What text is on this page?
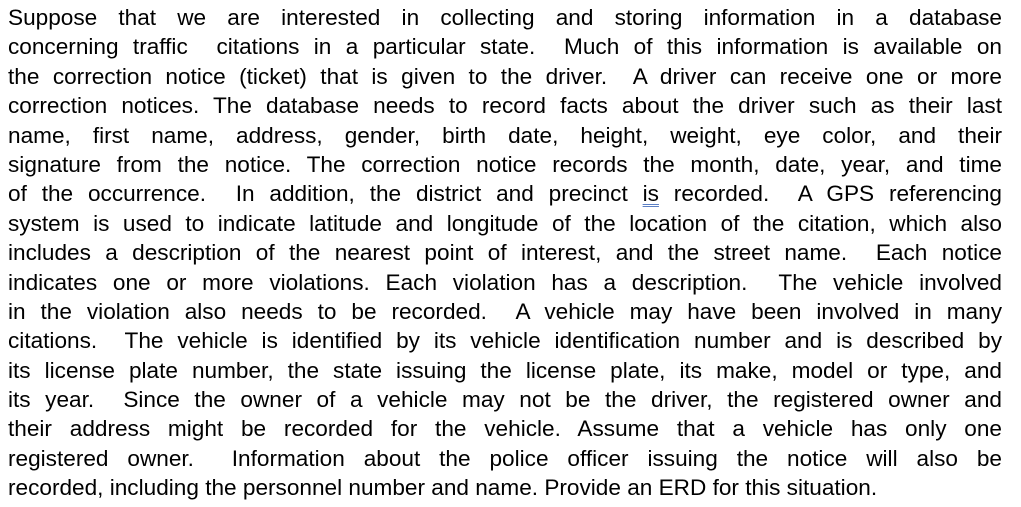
Suppose that we are interested in collecting and storing information in a database
concerning traffic  citations in a particular state.  Much of this information is available on
the correction notice (ticket) that is given to the driver.  A driver can receive one or more
correction notices. The database needs to record facts about the driver such as their last
name, first name, address, gender, birth date, height, weight, eye color, and their
signature from the notice. The correction notice records the month, date, year, and time
of the occurrence.  In addition, the district and precinct is recorded.  A GPS referencing
system is used to indicate latitude and longitude of the location of the citation, which also
includes a description of the nearest point of interest, and the street name.  Each notice
indicates one or more violations. Each violation has a description.  The vehicle involved
in the violation also needs to be recorded.  A vehicle may have been involved in many
citations.  The vehicle is identified by its vehicle identification number and is described by
its license plate number, the state issuing the license plate, its make, model or type, and
its year.  Since the owner of a vehicle may not be the driver, the registered owner and
their address might be recorded for the vehicle. Assume that a vehicle has only one
registered owner.  Information about the police officer issuing the notice will also be
recorded, including the personnel number and name. Provide an ERD for this situation.
